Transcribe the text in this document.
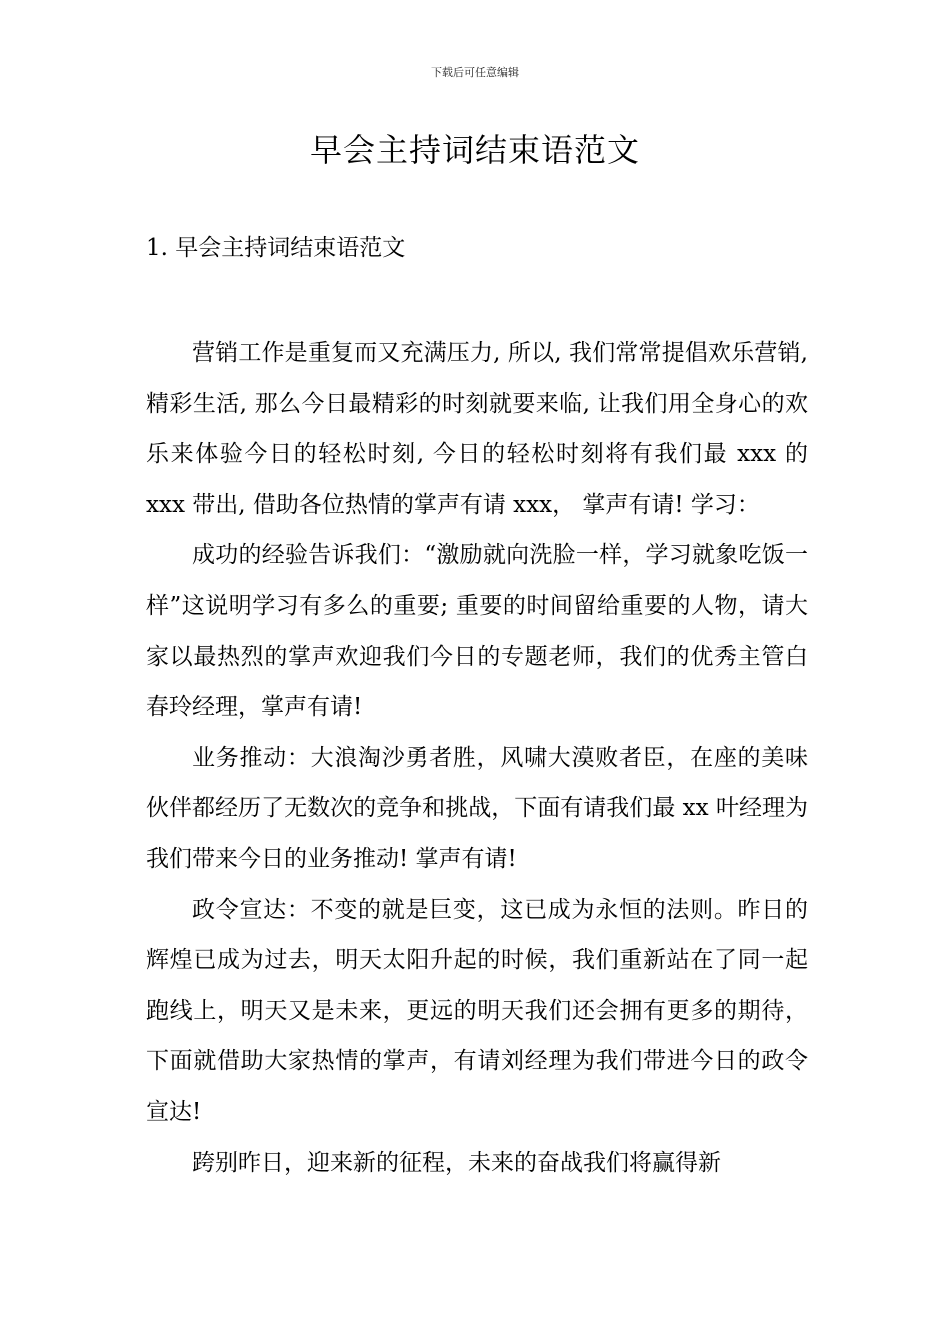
下载后可任意编辑
早会主持词结束语范文
1. 早会主持词结束语范文

营销工作是重复而又充满压力, 所以, 我们常常提倡欢乐营销, 精彩生活, 那么今日最精彩的时刻就要来临, 让我们用全身心的欢乐来体验今日的轻松时刻, 今日的轻松时刻将有我们最 xxx 的 xxx 带出, 借助各位热情的掌声有请 xxx， 掌声有请! 学习：

成功的经验告诉我们：“激励就向洗脸一样，学习就象吃饭一样”这说明学习有多么的重要; 重要的时间留给重要的人物，请大家以最热烈的掌声欢迎我们今日的专题老师，我们的优秀主管白春玲经理，掌声有请!

业务推动：大浪淘沙勇者胜，风啸大漠败者臣，在座的美味伙伴都经历了无数次的竞争和挑战，下面有请我们最 xx 叶经理为我们带来今日的业务推动! 掌声有请!

政令宣达：不变的就是巨变，这已成为永恒的法则。昨日的辉煌已成为过去，明天太阳升起的时候，我们重新站在了同一起跑线上，明天又是未来，更远的明天我们还会拥有更多的期待，下面就借助大家热情的掌声，有请刘经理为我们带进今日的政令宣达!

跨别昨日，迎来新的征程，未来的奋战我们将赢得新
